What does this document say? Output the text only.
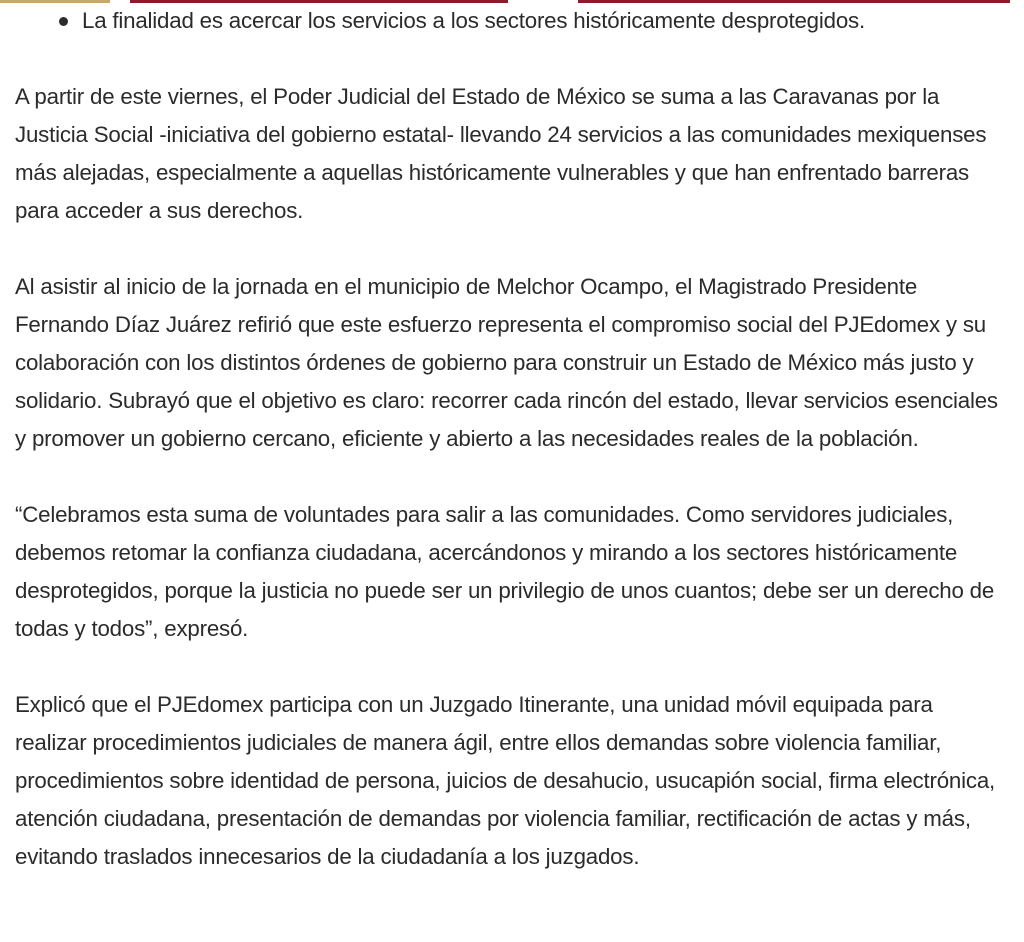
La finalidad es acercar los servicios a los sectores históricamente desprotegidos.

A partir de este viernes, el Poder Judicial del Estado de México se suma a las Caravanas por la Justicia Social -iniciativa del gobierno estatal- llevando 24 servicios a las comunidades mexiquenses más alejadas, especialmente a aquellas históricamente vulnerables y que han enfrentado barreras para acceder a sus derechos.

Al asistir al inicio de la jornada en el municipio de Melchor Ocampo, el Magistrado Presidente Fernando Díaz Juárez refirió que este esfuerzo representa el compromiso social del PJEdomex y su colaboración con los distintos órdenes de gobierno para construir un Estado de México más justo y solidario. Subrayó que el objetivo es claro: recorrer cada rincón del estado, llevar servicios esenciales y promover un gobierno cercano, eficiente y abierto a las necesidades reales de la población.

“Celebramos esta suma de voluntades para salir a las comunidades. Como servidores judiciales, debemos retomar la confianza ciudadana, acercándonos y mirando a los sectores históricamente desprotegidos, porque la justicia no puede ser un privilegio de unos cuantos; debe ser un derecho de todas y todos”, expresó.

Explicó que el PJEdomex participa con un Juzgado Itinerante, una unidad móvil equipada para realizar procedimientos judiciales de manera ágil, entre ellos demandas sobre violencia familiar, procedimientos sobre identidad de persona, juicios de desahucio, usucapión social, firma electrónica, atención ciudadana, presentación de demandas por violencia familiar, rectificación de actas y más, evitando traslados innecesarios de la ciudadanía a los juzgados.
